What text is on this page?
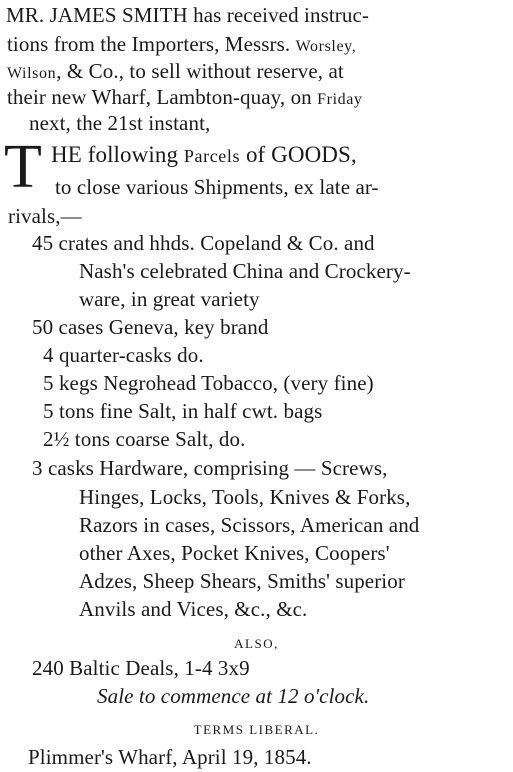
MR. JAMES SMITH has received instruc-
tions from the Importers, Messrs. Worsley,
Wilson, & Co., to sell without reserve, at
their new Wharf, Lambton-quay, on Friday
next, the 21st instant,
T HE following Parcels of GOODS,
to close various Shipments, ex late ar-
rivals,—
45 crates and hhds. Copeland & Co. and
Nash's celebrated China and Crockery-
ware, in great variety
50 cases Geneva, key brand
4 quarter-casks do.
5 kegs Negrohead Tobacco, (very fine)
5 tons fine Salt, in half cwt. bags
2½ tons coarse Salt, do.
3 casks Hardware, comprising — Screws,
Hinges, Locks, Tools, Knives & Forks,
Razors in cases, Scissors, American and
other Axes, Pocket Knives, Coopers'
Adzes, Sheep Shears, Smiths' superior
Anvils and Vices, &c., &c.
ALSO,
240 Baltic Deals, 1-4 3x9
Sale to commence at 12 o'clock.
TERMS LIBERAL.
Plimmer's Wharf, April 19, 1854.
